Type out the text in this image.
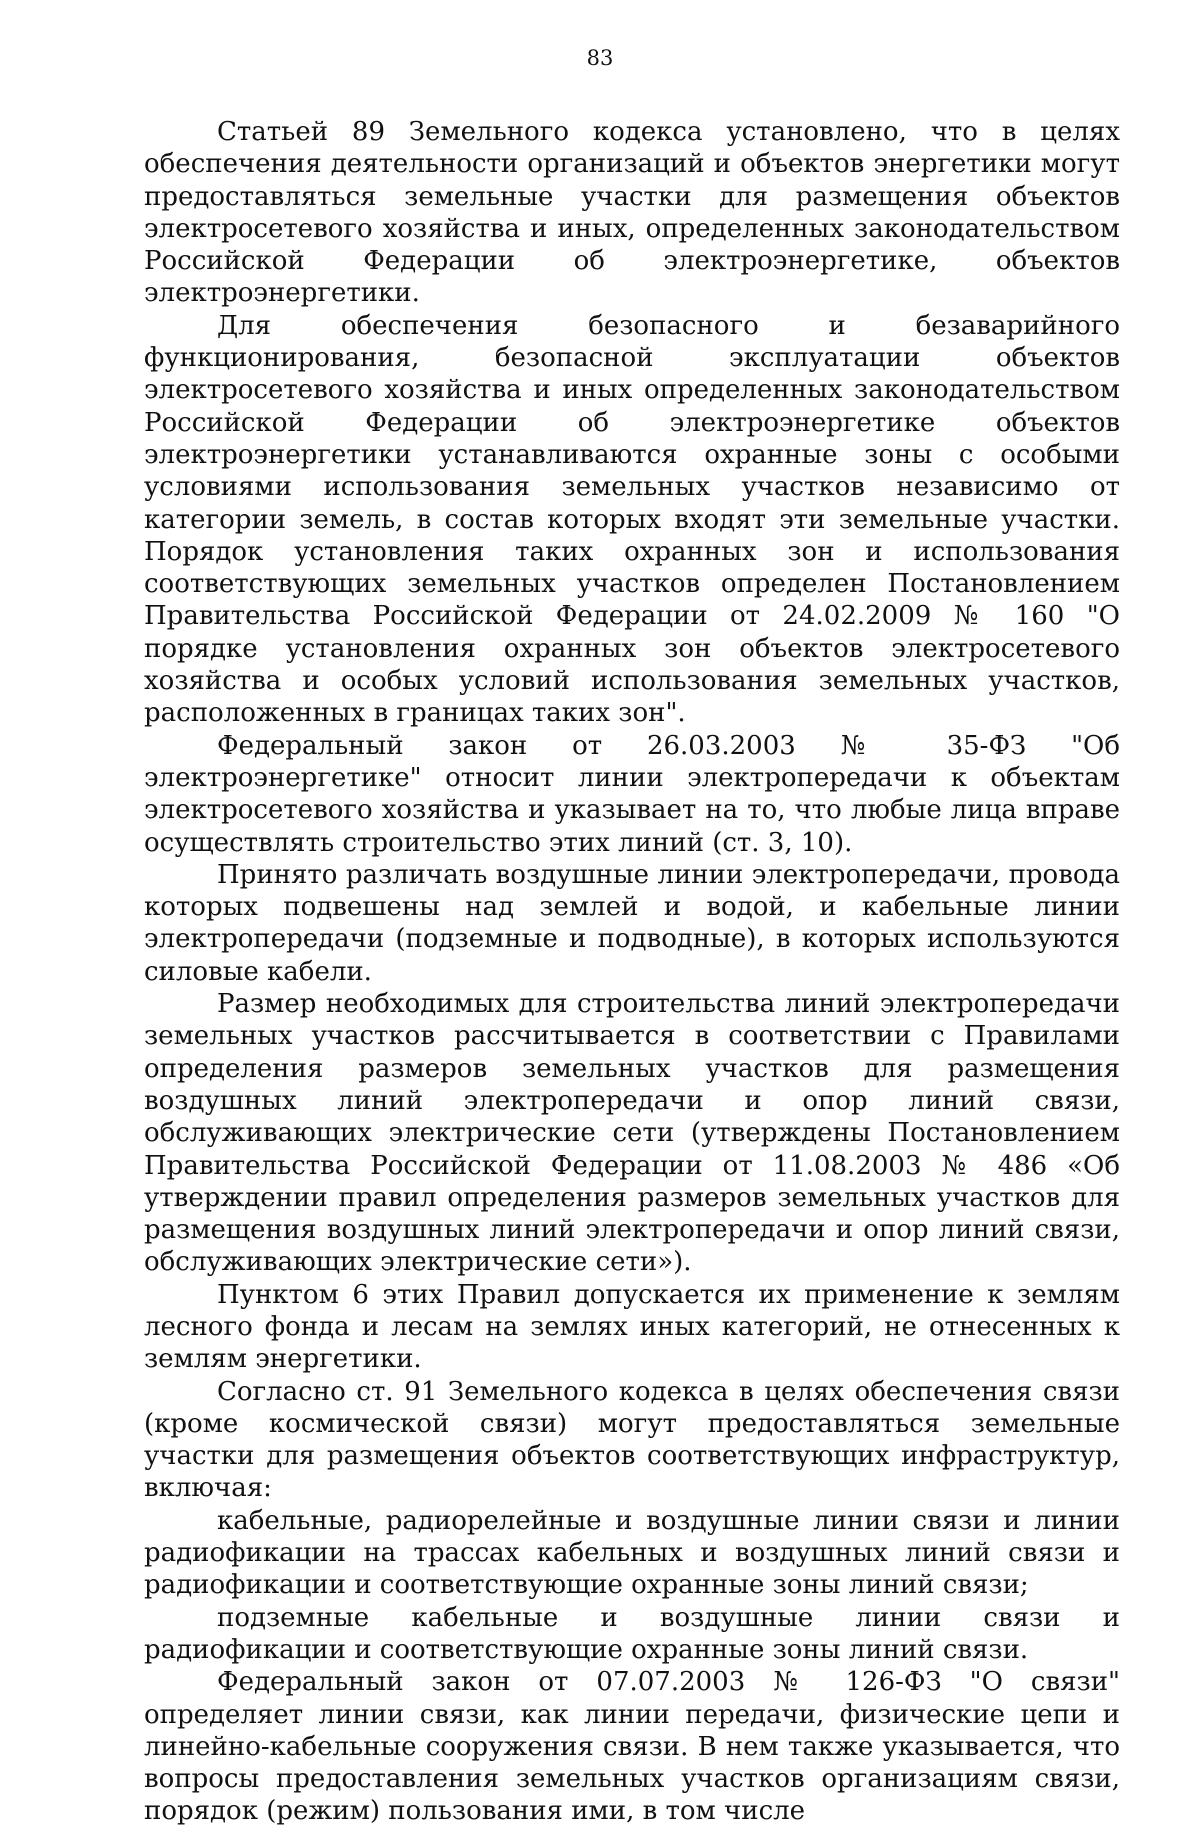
83

Статьей 89 Земельного кодекса установлено, что в целях обеспечения деятельности организаций и объектов энергетики могут предоставляться земельные участки для размещения объектов электросетевого хозяйства и иных, определенных законодательством Российской Федерации об электроэнергетике, объектов электроэнергетики.

Для обеспечения безопасного и безаварийного функционирования, безопасной эксплуатации объектов электросетевого хозяйства и иных определенных законодательством Российской Федерации об электроэнергетике объектов электроэнергетики устанавливаются охранные зоны с особыми условиями использования земельных участков независимо от категории земель, в состав которых входят эти земельные участки. Порядок установления таких охранных зон и использования соответствующих земельных участков определен Постановлением Правительства Российской Федерации от 24.02.2009 № 160 "О порядке установления охранных зон объектов электросетевого хозяйства и особых условий использования земельных участков, расположенных в границах таких зон".

Федеральный закон от 26.03.2003 № 35-ФЗ "Об электроэнергетике" относит линии электропередачи к объектам электросетевого хозяйства и указывает на то, что любые лица вправе осуществлять строительство этих линий (ст. 3, 10).

Принято различать воздушные линии электропередачи, провода которых подвешены над землей и водой, и кабельные линии электропередачи (подземные и подводные), в которых используются силовые кабели.

Размер необходимых для строительства линий электропередачи земельных участков рассчитывается в соответствии с Правилами определения размеров земельных участков для размещения воздушных линий электропередачи и опор линий связи, обслуживающих электрические сети (утверждены Постановлением Правительства Российской Федерации от 11.08.2003 № 486 «Об утверждении правил определения размеров земельных участков для размещения воздушных линий электропередачи и опор линий связи, обслуживающих электрические сети»).

Пунктом 6 этих Правил допускается их применение к землям лесного фонда и лесам на землях иных категорий, не отнесенных к землям энергетики.

Согласно ст. 91 Земельного кодекса в целях обеспечения связи (кроме космической связи) могут предоставляться земельные участки для размещения объектов соответствующих инфраструктур, включая:

кабельные, радиорелейные и воздушные линии связи и линии радиофикации на трассах кабельных и воздушных линий связи и радиофикации и соответствующие охранные зоны линий связи;

подземные кабельные и воздушные линии связи и радиофикации и соответствующие охранные зоны линий связи.

Федеральный закон от 07.07.2003 № 126-ФЗ "О связи" определяет линии связи, как линии передачи, физические цепи и линейно-кабельные сооружения связи. В нем также указывается, что вопросы предоставления земельных участков организациям связи, порядок (режим) пользования ими, в том числе
